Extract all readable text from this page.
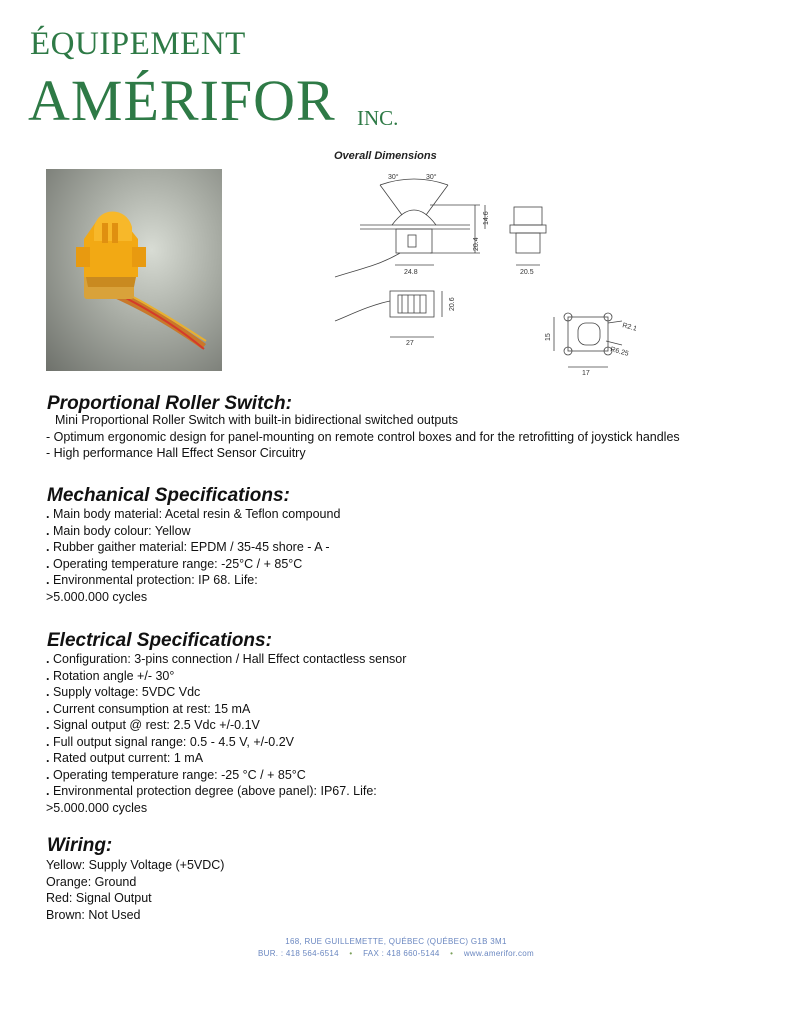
ÉQUIPEMENT
AMÉRIFOR INC.
Overall Dimensions
30°	30°
24.8
20.4
14.6
20.5
27
20.6
15
17
R2.1
R6.25
Proportional Roller Switch:
Mini Proportional Roller Switch with built-in bidirectional switched outputs
- Optimum ergonomic design for panel-mounting on remote control boxes and for the retrofitting of joystick handles
- High performance Hall Effect Sensor Circuitry
Mechanical Specifications:
. Main body material: Acetal resin & Teflon compound
. Main body colour: Yellow
. Rubber gaither material: EPDM / 35-45 shore - A -
. Operating temperature range: -25°C / + 85°C
. Environmental protection: IP 68. Life:
>5.000.000 cycles
Electrical Specifications:
. Configuration: 3-pins connection / Hall Effect contactless sensor
. Rotation angle +/- 30°
. Supply voltage: 5VDC Vdc
. Current consumption at rest: 15 mA
. Signal output @ rest: 2.5 Vdc +/-0.1V
. Full output signal range: 0.5 - 4.5 V, +/-0.2V
. Rated output current: 1 mA
. Operating temperature range: -25 °C / + 85°C
. Environmental protection degree (above panel): IP67. Life:
>5.000.000 cycles
Wiring:
Yellow: Supply Voltage (+5VDC)
Orange: Ground
Red: Signal Output
Brown: Not Used
168, RUE GUILLEMETTE, QUÉBEC (QUÉBEC) G1B 3M1
BUR. : 418 564-6514 • FAX : 418 660-5144 • www.amerifor.com
